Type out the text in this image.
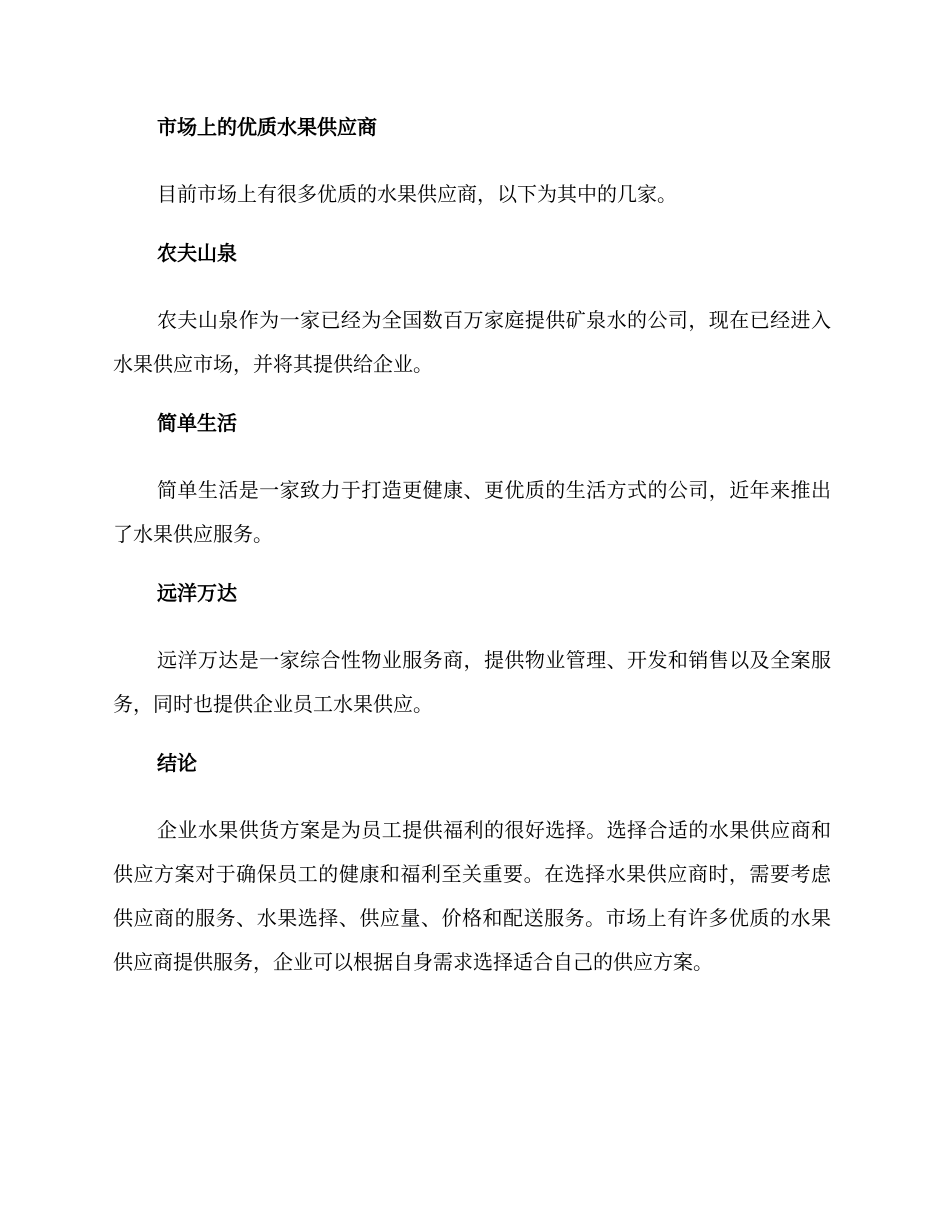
市场上的优质水果供应商

目前市场上有很多优质的水果供应商，以下为其中的几家。

农夫山泉

农夫山泉作为一家已经为全国数百万家庭提供矿泉水的公司，现在已经进入水果供应市场，并将其提供给企业。

简单生活

简单生活是一家致力于打造更健康、更优质的生活方式的公司，近年来推出了水果供应服务。

远洋万达

远洋万达是一家综合性物业服务商，提供物业管理、开发和销售以及全案服务，同时也提供企业员工水果供应。

结论

企业水果供货方案是为员工提供福利的很好选择。选择合适的水果供应商和供应方案对于确保员工的健康和福利至关重要。在选择水果供应商时，需要考虑供应商的服务、水果选择、供应量、价格和配送服务。市场上有许多优质的水果供应商提供服务，企业可以根据自身需求选择适合自己的供应方案。
